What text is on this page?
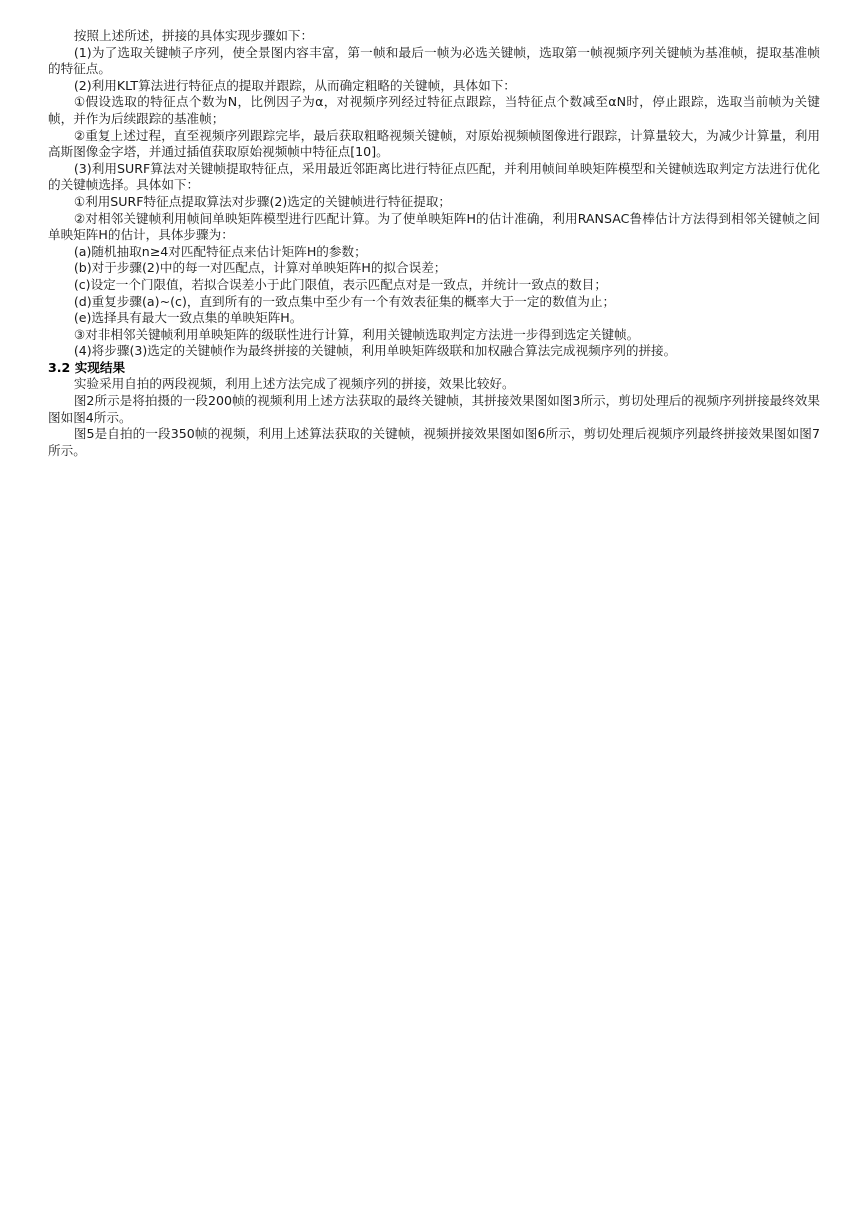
按照上述所述，拼接的具体实现步骤如下：

(1)为了选取关键帧子序列，使全景图内容丰富，第一帧和最后一帧为必选关键帧，选取第一帧视频序列关键帧为基准帧，提取基准帧的特征点。

(2)利用KLT算法进行特征点的提取并跟踪，从而确定粗略的关键帧，具体如下：

①假设选取的特征点个数为N，比例因子为α，对视频序列经过特征点跟踪，当特征点个数减至αN时，停止跟踪，选取当前帧为关键帧，并作为后续跟踪的基准帧；

②重复上述过程，直至视频序列跟踪完毕，最后获取粗略视频关键帧，对原始视频帧图像进行跟踪，计算量较大，为减少计算量，利用高斯图像金字塔，并通过插值获取原始视频帧中特征点[10]。

(3)利用SURF算法对关键帧提取特征点，采用最近邻距离比进行特征点匹配，并利用帧间单映矩阵模型和关键帧选取判定方法进行优化的关键帧选择。具体如下：

①利用SURF特征点提取算法对步骤(2)选定的关键帧进行特征提取；

②对相邻关键帧利用帧间单映矩阵模型进行匹配计算。为了使单映矩阵H的估计准确，利用RANSAC鲁棒估计方法得到相邻关键帧之间单映矩阵H的估计，具体步骤为：

(a)随机抽取n≥4对匹配特征点来估计矩阵H的参数；

(b)对于步骤(2)中的每一对匹配点，计算对单映矩阵H的拟合误差；

(c)设定一个门限值，若拟合误差小于此门限值，表示匹配点对是一致点，并统计一致点的数目；

(d)重复步骤(a)~(c)，直到所有的一致点集中至少有一个有效表征集的概率大于一定的数值为止；

(e)选择具有最大一致点集的单映矩阵H。

③对非相邻关键帧利用单映矩阵的级联性进行计算，利用关键帧选取判定方法进一步得到选定关键帧。

(4)将步骤(3)选定的关键帧作为最终拼接的关键帧，利用单映矩阵级联和加权融合算法完成视频序列的拼接。

3.2 实现结果

实验采用自拍的两段视频，利用上述方法完成了视频序列的拼接，效果比较好。

图2所示是将拍摄的一段200帧的视频利用上述方法获取的最终关键帧，其拼接效果图如图3所示，剪切处理后的视频序列拼接最终效果图如图4所示。

图5是自拍的一段350帧的视频，利用上述算法获取的关键帧，视频拼接效果图如图6所示，剪切处理后视频序列最终拼接效果图如图7所示。
